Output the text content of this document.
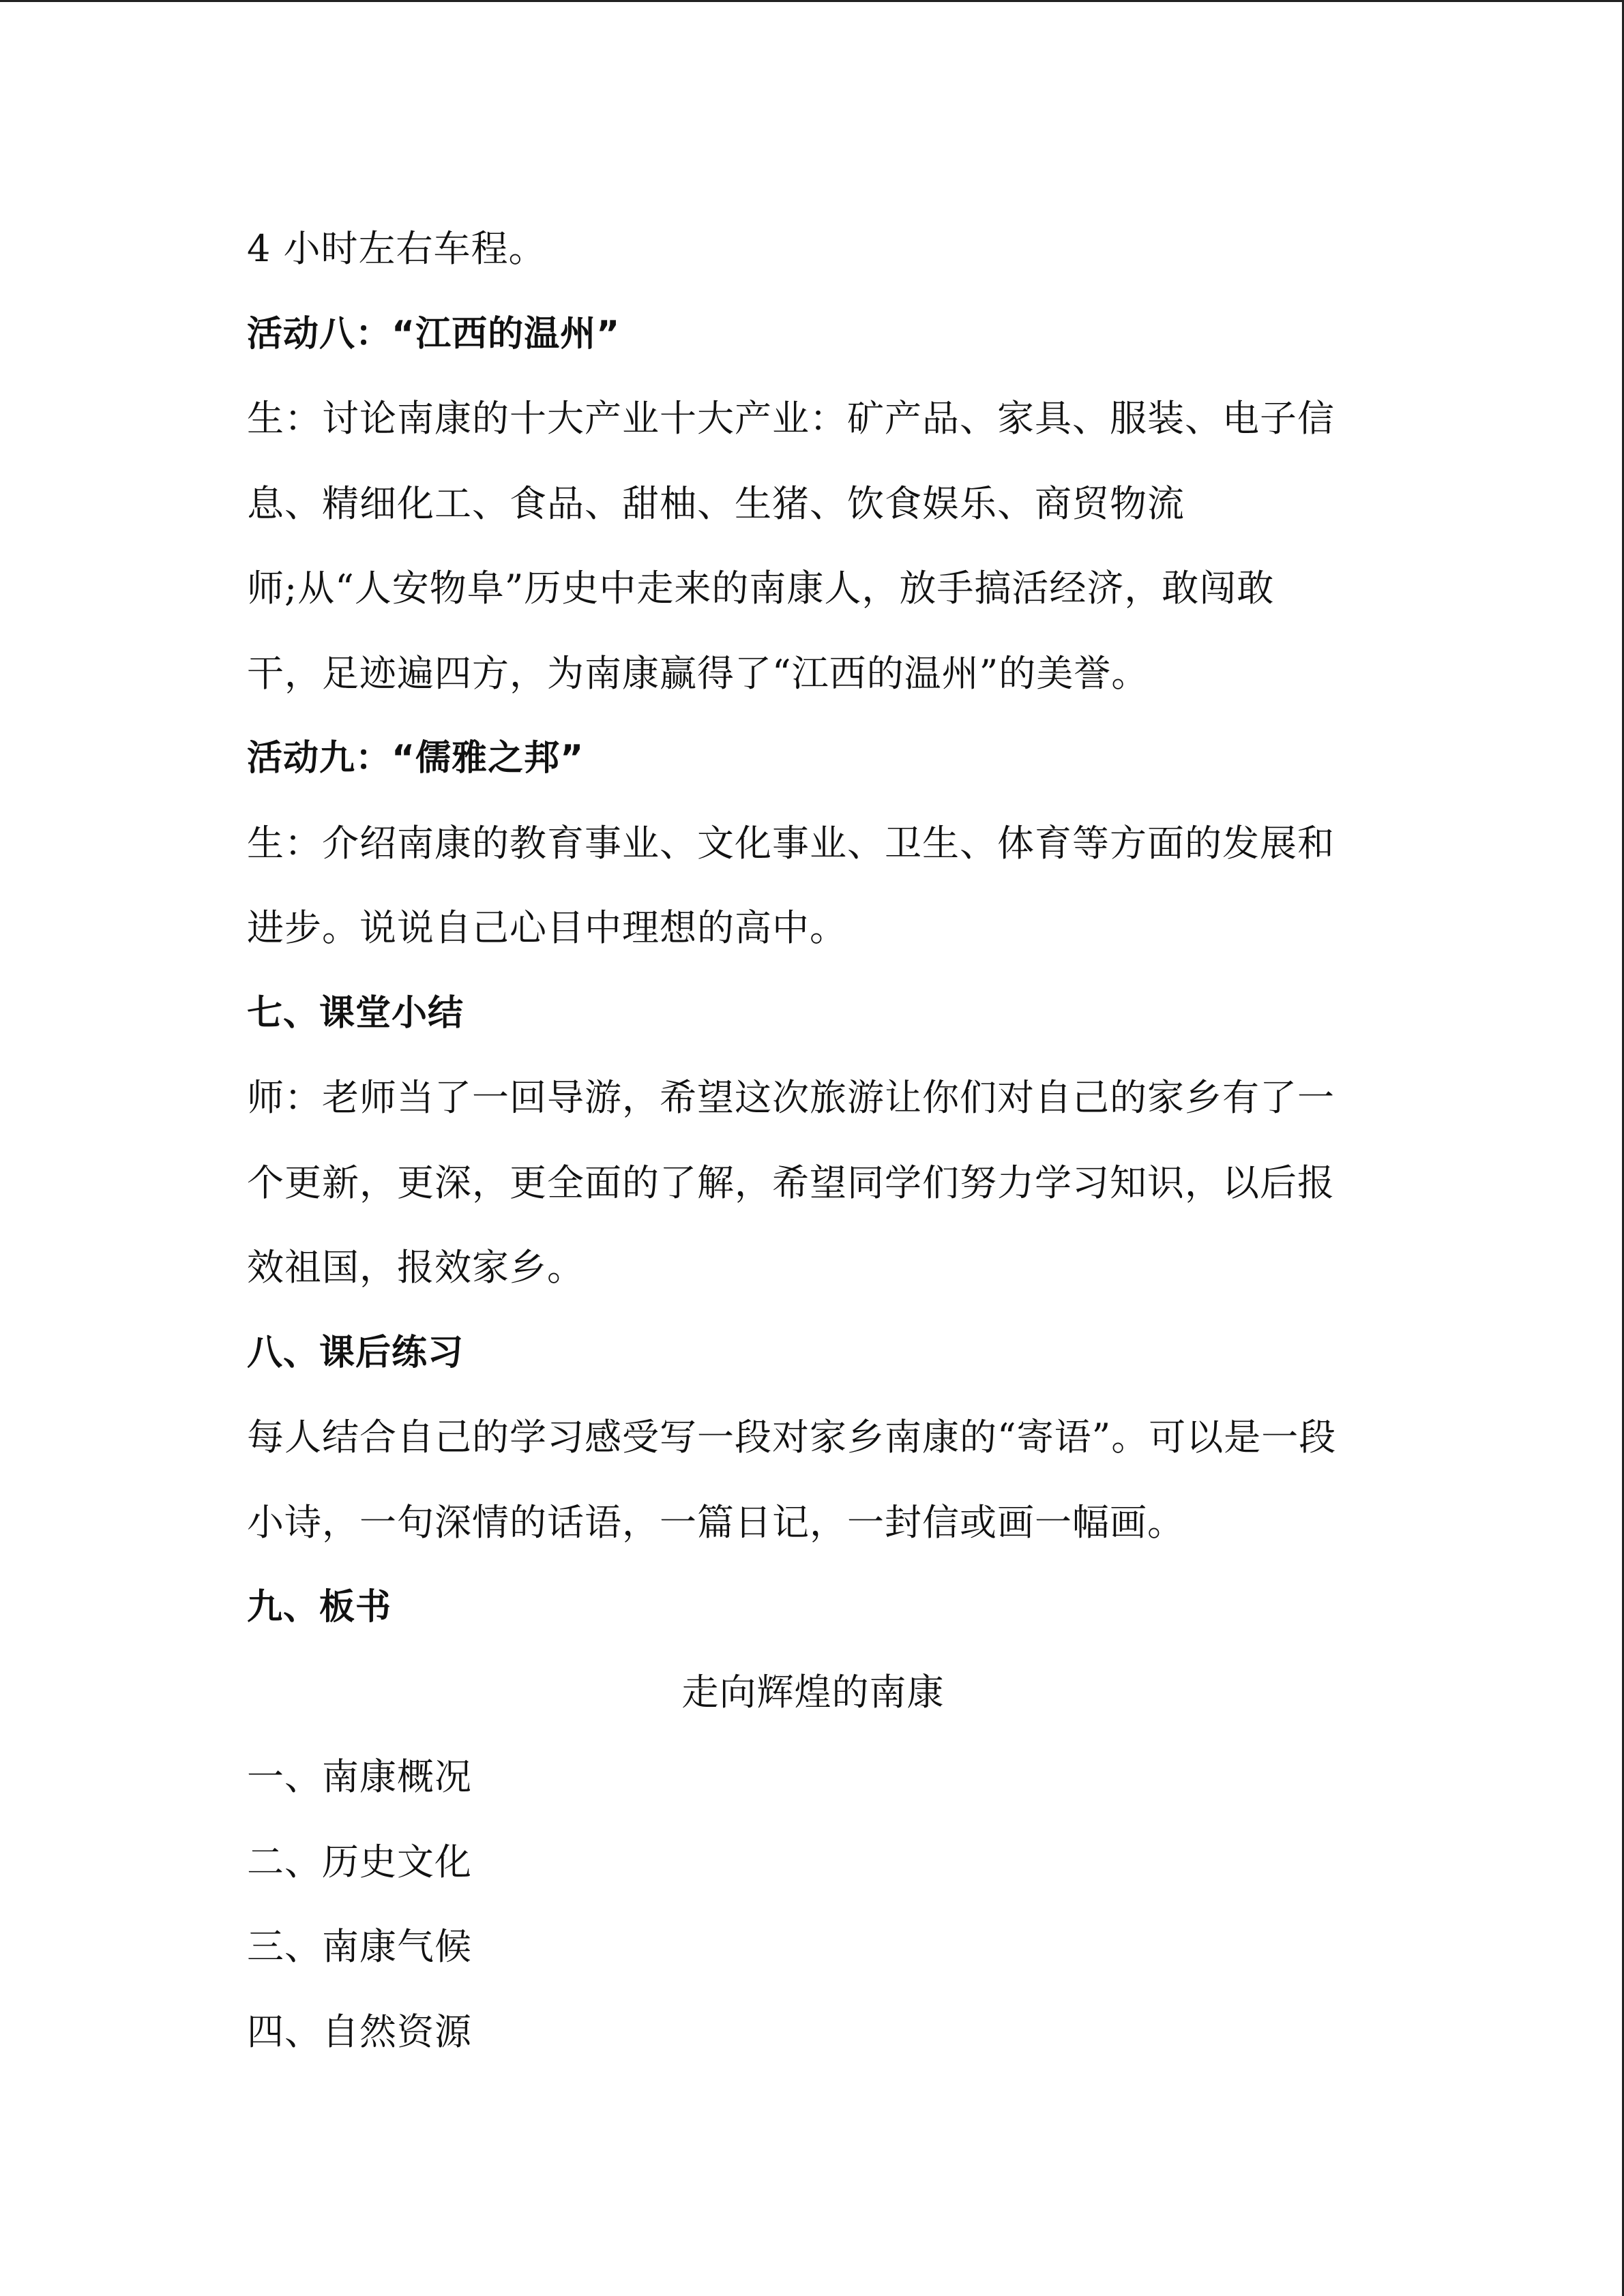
4 小时左右车程。
活动八：“江西的温州”
生：讨论南康的十大产业十大产业：矿产品、家具、服装、电子信
息、精细化工、食品、甜柚、生猪、饮食娱乐、商贸物流
师;从“人安物阜”历史中走来的南康人，放手搞活经济，敢闯敢
干，足迹遍四方，为南康赢得了“江西的温州”的美誉。
活动九：“儒雅之邦”
生：介绍南康的教育事业、文化事业、卫生、体育等方面的发展和
进步。说说自己心目中理想的高中。
七、课堂小结
师：老师当了一回导游，希望这次旅游让你们对自己的家乡有了一
个更新，更深，更全面的了解，希望同学们努力学习知识，以后报
效祖国，报效家乡。
八、课后练习
每人结合自己的学习感受写一段对家乡南康的“寄语”。可以是一段
小诗，一句深情的话语，一篇日记，一封信或画一幅画。
九、板书
走向辉煌的南康
一、南康概况
二、历史文化
三、南康气候
四、自然资源
